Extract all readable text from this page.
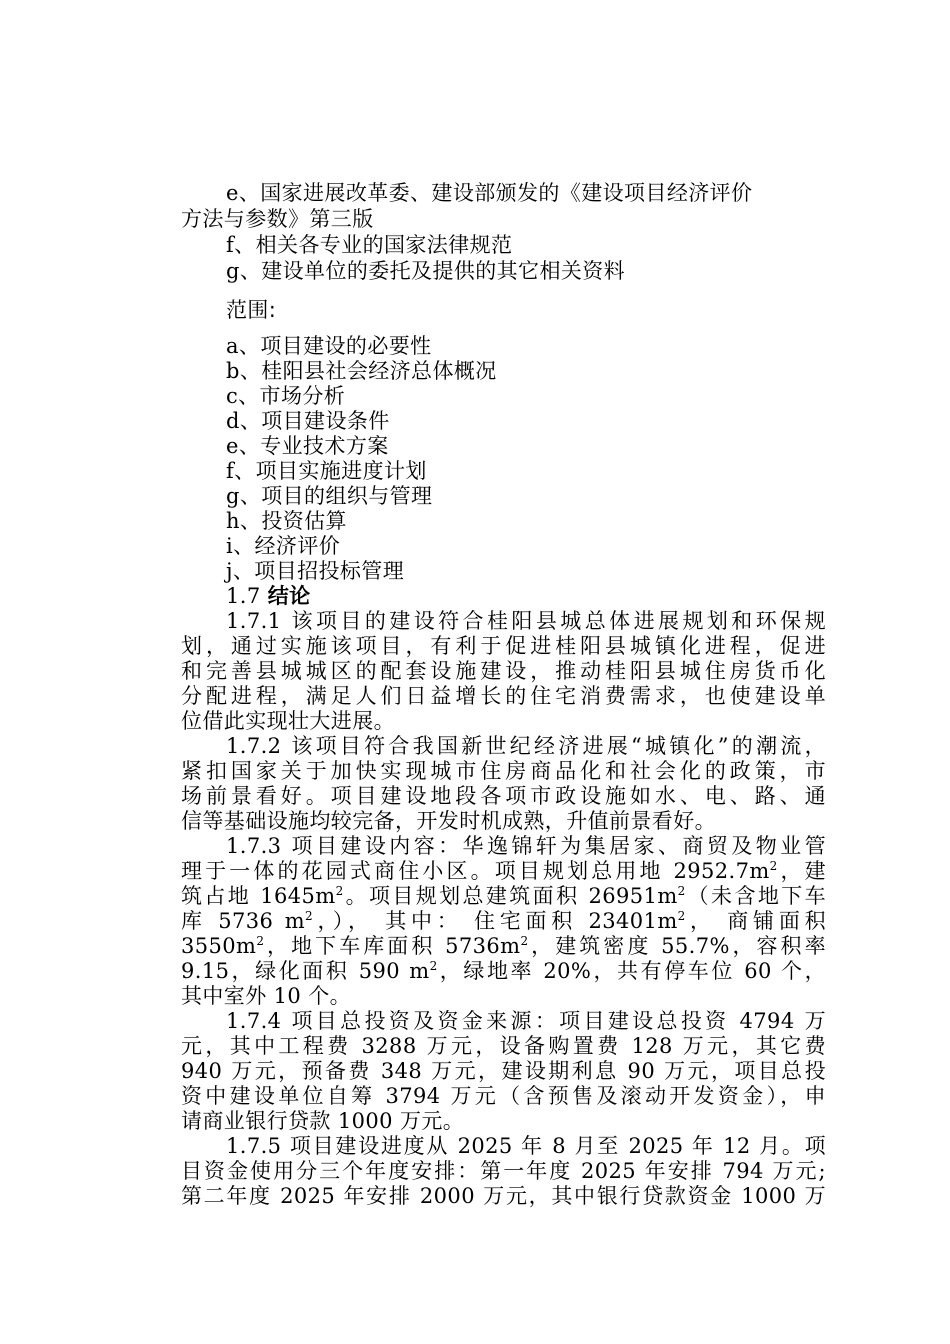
e、国家进展改革委、建设部颁发的《建设项目经济评价
方法与参数》第三版
f、相关各专业的国家法律规范
g、建设单位的委托及提供的其它相关资料
范围:
a、项目建设的必要性
b、桂阳县社会经济总体概况
c、市场分析
d、项目建设条件
e、专业技术方案
f、项目实施进度计划
g、项目的组织与管理
h、投资估算
i、经济评价
j、项目招投标管理
1.7 结论
1.7.1 该项目的建设符合桂阳县城总体进展规划和环保规
划，通过实施该项目，有利于促进桂阳县城镇化进程，促进
和完善县城城区的配套设施建设，推动桂阳县城住房货币化
分配进程，满足人们日益增长的住宅消费需求，也使建设单
位借此实现壮大进展。
1.7.2 该项目符合我国新世纪经济进展“城镇化”的潮流，
紧扣国家关于加快实现城市住房商品化和社会化的政策，市
场前景看好。项目建设地段各项市政设施如水、电、路、通
信等基础设施均较完备，开发时机成熟，升值前景看好。
1.7.3 项目建设内容：华逸锦轩为集居家、商贸及物业管
理于一体的花园式商住小区。项目规划总用地 $2952.7m^2$，建
筑占地 $1645m^2$。项目规划总建筑面积 $26951m^2$（未含地下车
库 5736 $m^2$，）， 其中： 住宅面积 $23401m^2$， 商铺面积
$3550m^2$，地下车库面积 $5736m^2$，建筑密度 55.7%，容积率
9.15，绿化面积 590 $m^2$，绿地率 20%，共有停车位 60 个，
其中室外 10 个。
1.7.4 项目总投资及资金来源：项目建设总投资 4794 万
元，其中工程费 3288 万元，设备购置费 128 万元，其它费
940 万元，预备费 348 万元，建设期利息 90 万元，项目总投
资中建设单位自筹 3794 万元（含预售及滚动开发资金），申
请商业银行贷款 1000 万元。
1.7.5 项目建设进度从 2025 年 8 月至 2025 年 12 月。项
目资金使用分三个年度安排：第一年度 2025 年安排 794 万元;
第二年度 2025 年安排 2000 万元，其中银行贷款资金 1000 万
